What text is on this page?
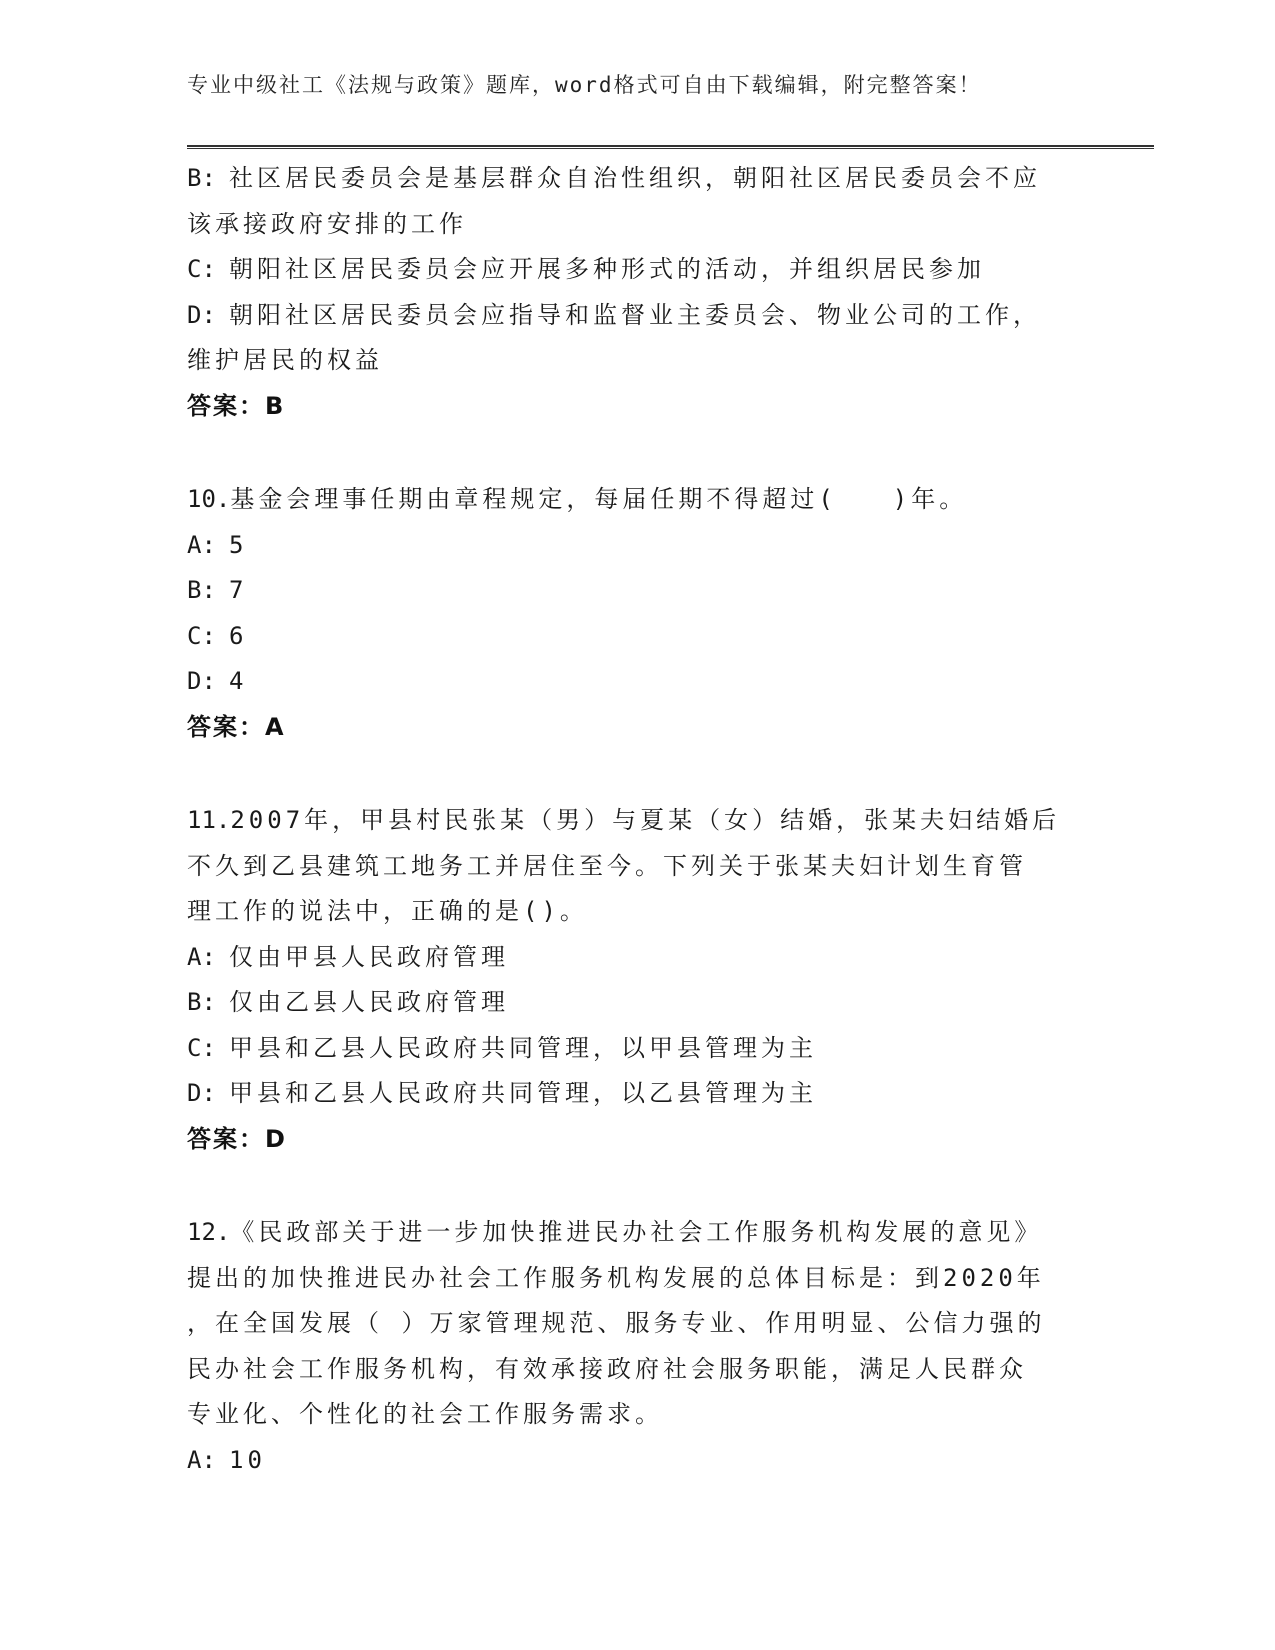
专业中级社工《法规与政策》题库，word格式可自由下载编辑，附完整答案！
B: 社区居民委员会是基层群众自治性组织，朝阳社区居民委员会不应
该承接政府安排的工作
C: 朝阳社区居民委员会应开展多种形式的活动，并组织居民参加
D: 朝阳社区居民委员会应指导和监督业主委员会、物业公司的工作，
维护居民的权益
答案：B
10.基金会理事任期由章程规定，每届任期不得超过(　　)年。
A: 5
B: 7
C: 6
D: 4
答案：A
11.2007年，甲县村民张某（男）与夏某（女）结婚，张某夫妇结婚后
不久到乙县建筑工地务工并居住至今。下列关于张某夫妇计划生育管
理工作的说法中，正确的是()。
A: 仅由甲县人民政府管理
B: 仅由乙县人民政府管理
C: 甲县和乙县人民政府共同管理，以甲县管理为主
D: 甲县和乙县人民政府共同管理，以乙县管理为主
答案：D
12.《民政部关于进一步加快推进民办社会工作服务机构发展的意见》
提出的加快推进民办社会工作服务机构发展的总体目标是：到2020年
，在全国发展（ ）万家管理规范、服务专业、作用明显、公信力强的
民办社会工作服务机构，有效承接政府社会服务职能，满足人民群众
专业化、个性化的社会工作服务需求。
A: 10
